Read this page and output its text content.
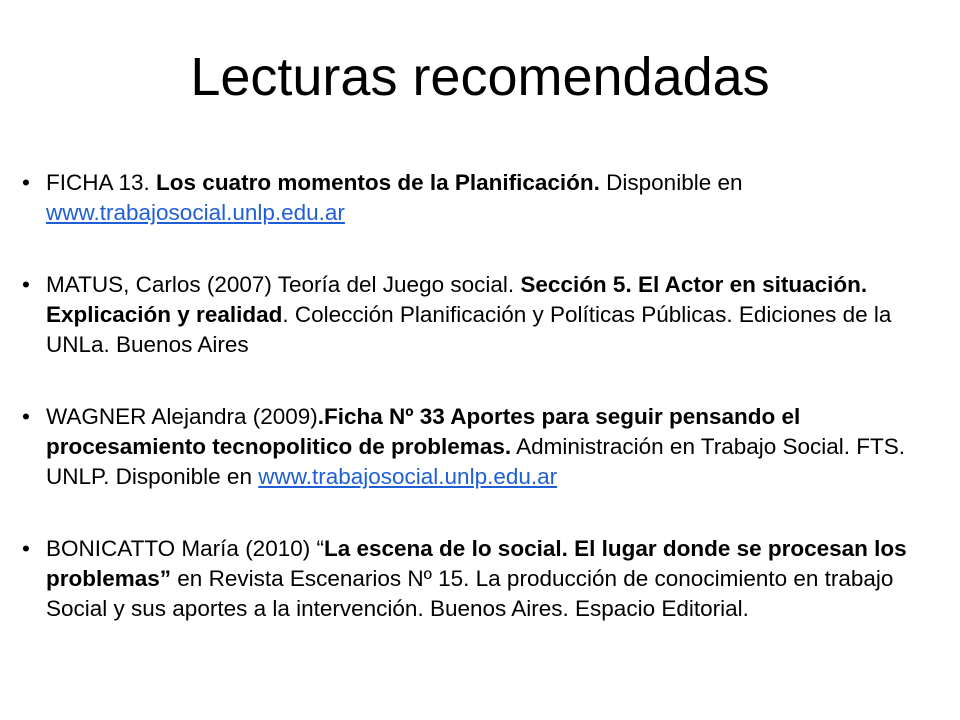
Lecturas recomendadas
• FICHA 13. Los cuatro momentos de la Planificación. Disponible en www.trabajosocial.unlp.edu.ar
• MATUS, Carlos (2007) Teoría del Juego social. Sección 5. El Actor en situación. Explicación y realidad. Colección Planificación y Políticas Públicas. Ediciones de la UNLa. Buenos Aires
• WAGNER Alejandra (2009).Ficha Nº 33 Aportes para seguir pensando el procesamiento tecnopolitico de problemas. Administración en Trabajo Social. FTS. UNLP. Disponible en www.trabajosocial.unlp.edu.ar
• BONICATTO María (2010) “La escena de lo social. El lugar donde se procesan los problemas” en Revista Escenarios Nº 15. La producción de conocimiento en trabajo Social y sus aportes a la intervención. Buenos Aires. Espacio Editorial.
